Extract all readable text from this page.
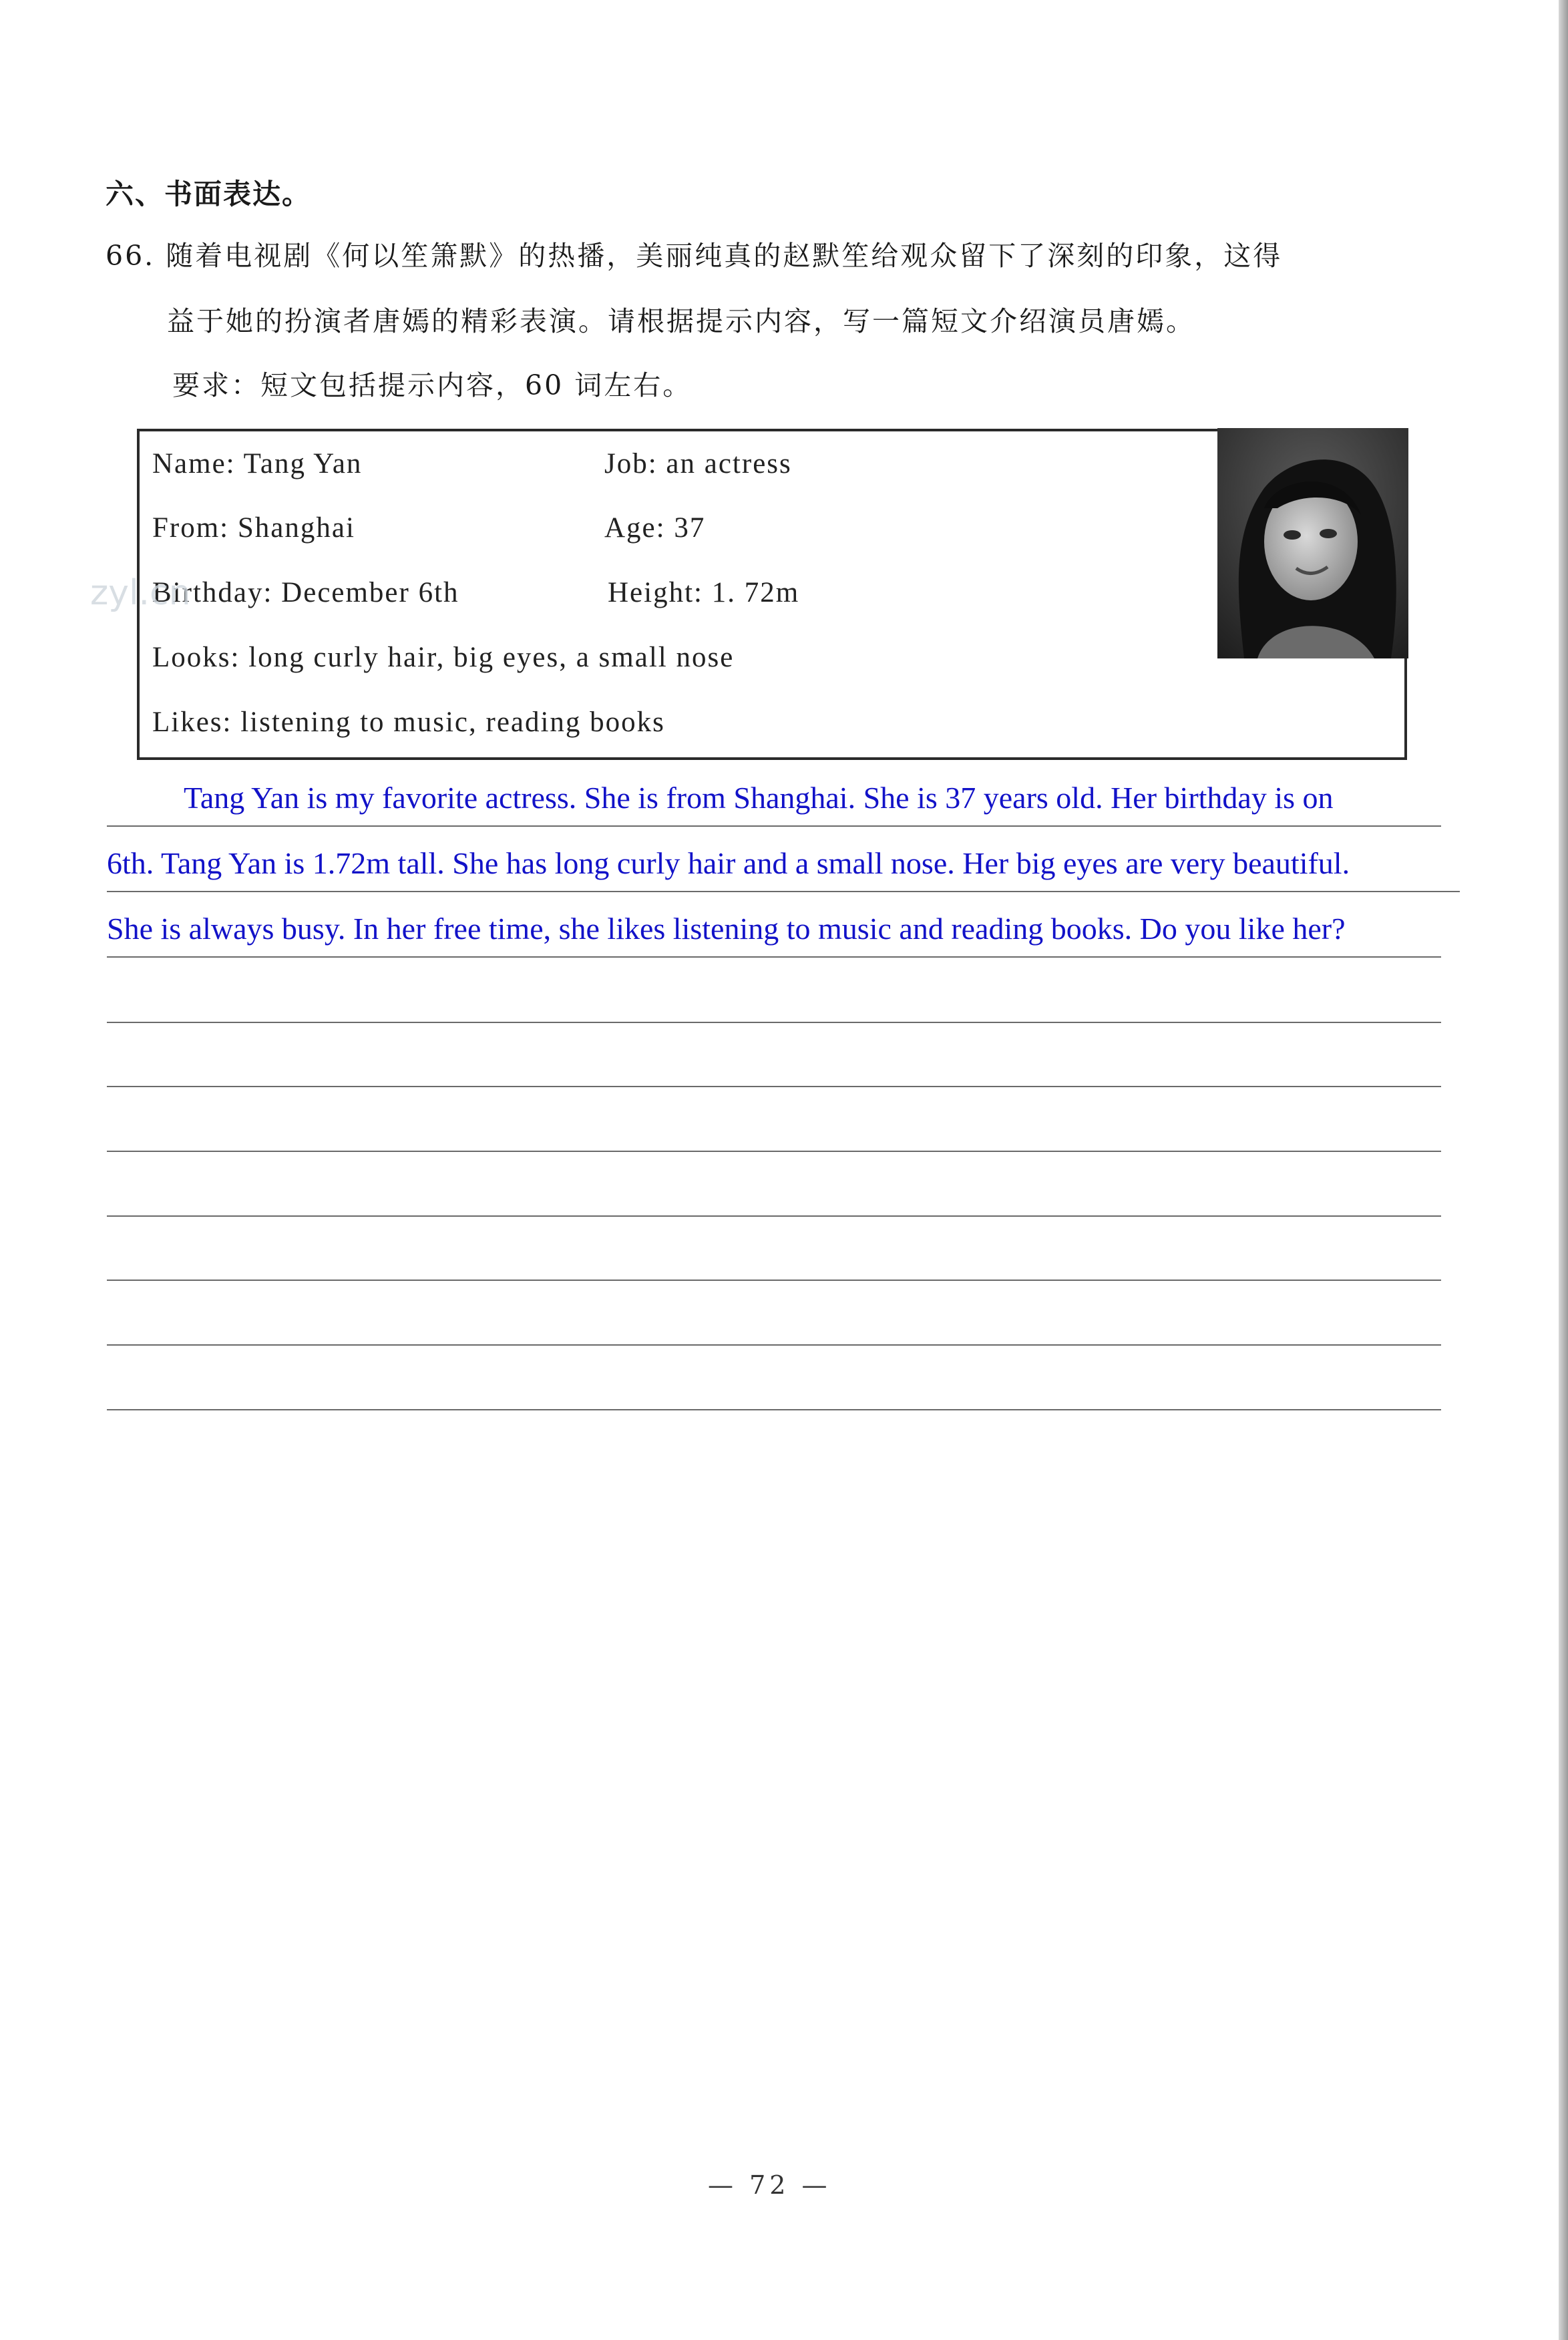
六、书面表达。
66. 随着电视剧《何以笙箫默》的热播，美丽纯真的赵默笙给观众留下了深刻的印象，这得
益于她的扮演者唐嫣的精彩表演。请根据提示内容，写一篇短文介绍演员唐嫣。
要求：短文包括提示内容，60 词左右。
Name: Tang Yan	Job: an actress
From: Shanghai	Age: 37
Birthday: December 6th	Height: 1. 72m
Looks: long curly hair, big eyes, a small nose
Likes: listening to music, reading books
zyl.cn
Tang Yan is my favorite actress. She is from Shanghai. She is 37 years old. Her birthday is on
6th. Tang Yan is 1.72m tall. She has long curly hair and a small nose. Her big eyes are very beautiful.
She is always busy. In her free time, she likes listening to music and reading books. Do you like her?
— 72 —
